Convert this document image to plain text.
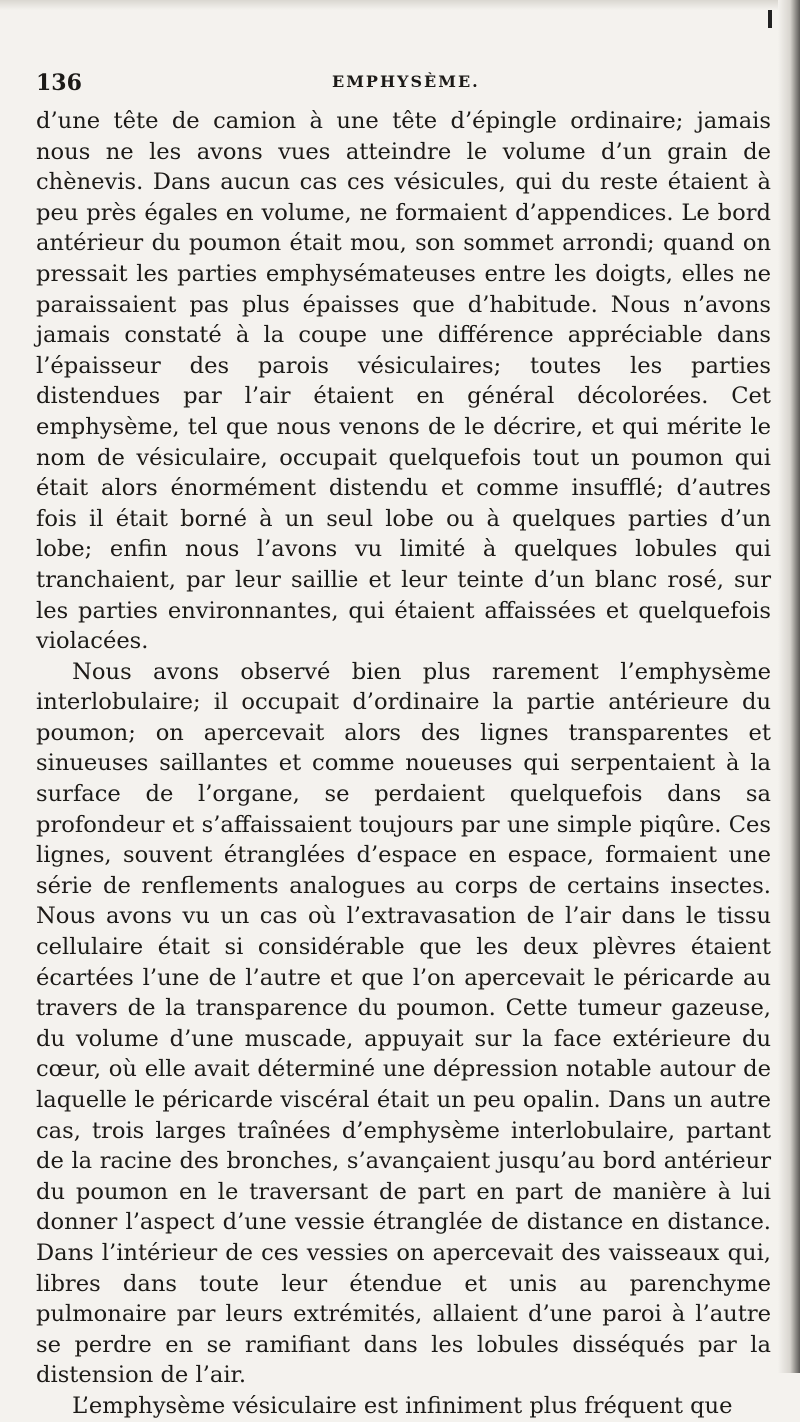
136	EMPHYSÈME.

d’une tête de camion à une tête d’épingle ordinaire; jamais nous ne les avons vues atteindre le volume d’un grain de chènevis. Dans aucun cas ces vésicules, qui du reste étaient à peu près égales en volume, ne formaient d’appendices. Le bord antérieur du poumon était mou, son sommet arrondi; quand on pressait les parties emphysémateuses entre les doigts, elles ne paraissaient pas plus épaisses que d’habitude. Nous n’avons jamais constaté à la coupe une différence appréciable dans l’épaisseur des parois vésiculaires; toutes les parties distendues par l’air étaient en général décolorées. Cet emphysème, tel que nous venons de le décrire, et qui mérite le nom de vésiculaire, occupait quelquefois tout un poumon qui était alors énormément distendu et comme insufflé; d’autres fois il était borné à un seul lobe ou à quelques parties d’un lobe; enfin nous l’avons vu limité à quelques lobules qui tranchaient, par leur saillie et leur teinte d’un blanc rosé, sur les parties environnantes, qui étaient affaissées et quelquefois violacées.

Nous avons observé bien plus rarement l’emphysème interlobulaire; il occupait d’ordinaire la partie antérieure du poumon; on apercevait alors des lignes transparentes et sinueuses saillantes et comme noueuses qui serpentaient à la surface de l’organe, se perdaient quelquefois dans sa profondeur et s’affaissaient toujours par une simple piqûre. Ces lignes, souvent étranglées d’espace en espace, formaient une série de renflements analogues au corps de certains insectes. Nous avons vu un cas où l’extravasation de l’air dans le tissu cellulaire était si considérable que les deux plèvres étaient écartées l’une de l’autre et que l’on apercevait le péricarde au travers de la transparence du poumon. Cette tumeur gazeuse, du volume d’une muscade, appuyait sur la face extérieure du cœur, où elle avait déterminé une dépression notable autour de laquelle le péricarde viscéral était un peu opalin. Dans un autre cas, trois larges traînées d’emphysème interlobulaire, partant de la racine des bronches, s’avançaient jusqu’au bord antérieur du poumon en le traversant de part en part de manière à lui donner l’aspect d’une vessie étranglée de distance en distance. Dans l’intérieur de ces vessies on apercevait des vaisseaux qui, libres dans toute leur étendue et unis au parenchyme pulmonaire par leurs extrémités, allaient d’une paroi à l’autre se perdre en se ramifiant dans les lobules disséqués par la distension de l’air.

L’emphysème vésiculaire est infiniment plus fréquent que
